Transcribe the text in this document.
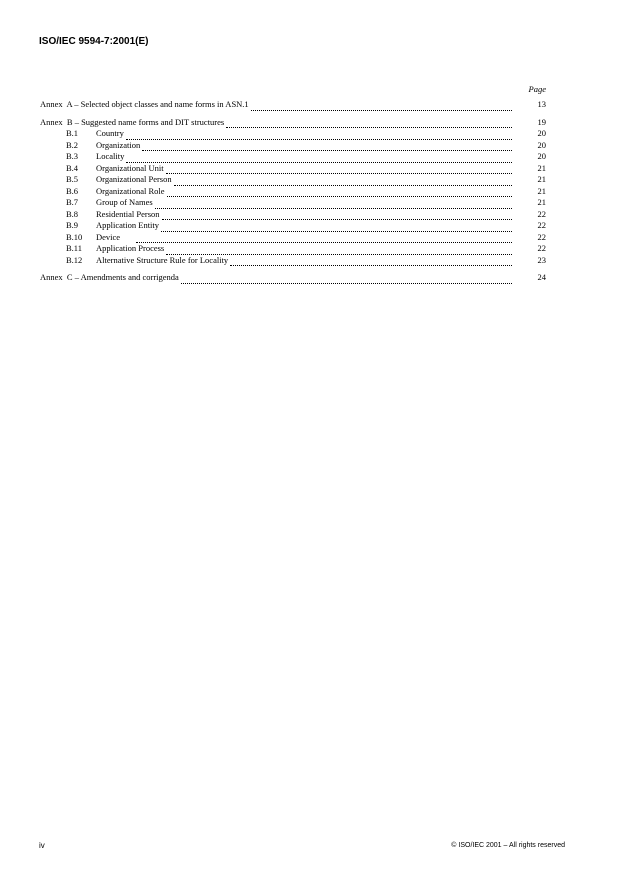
ISO/IEC 9594-7:2001(E)
Page
Annex  A – Selected object classes and name forms in ASN.1	13
Annex  B – Suggested name forms and DIT structures	19
B.1	Country	20
B.2	Organization	20
B.3	Locality	20
B.4	Organizational Unit	21
B.5	Organizational Person	21
B.6	Organizational Role	21
B.7	Group of Names	21
B.8	Residential Person	22
B.9	Application Entity	22
B.10	Device	22
B.11	Application Process	22
B.12	Alternative Structure Rule for Locality	23
Annex  C – Amendments and corrigenda	24
iv	© ISO/IEC 2001 – All rights reserved
